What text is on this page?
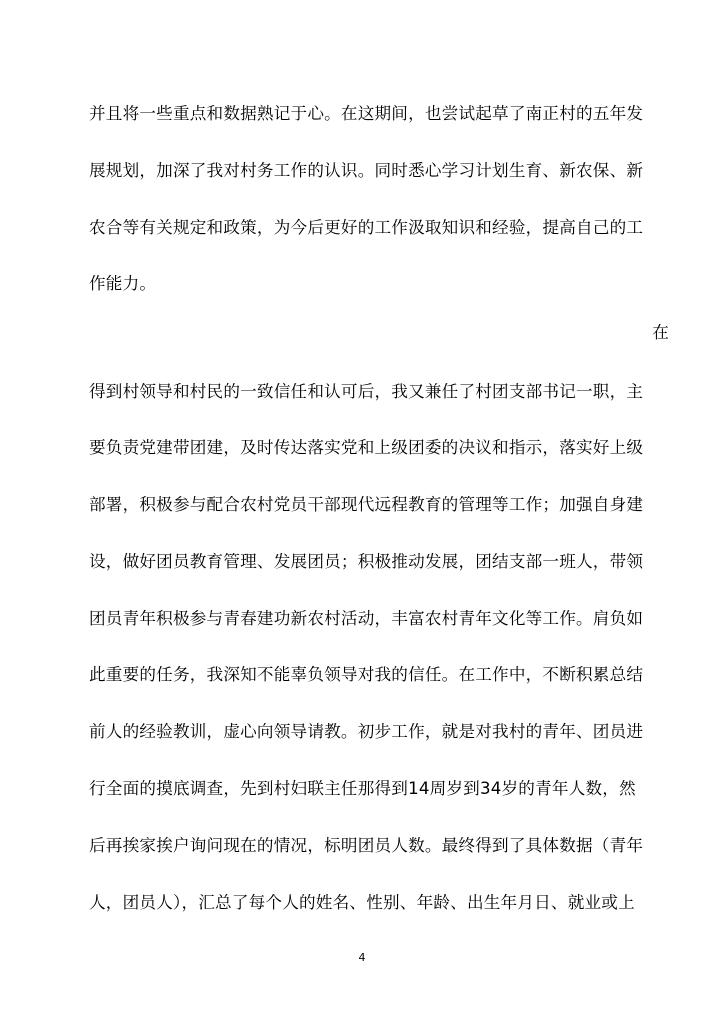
并且将一些重点和数据熟记于心。在这期间，也尝试起草了南正村的五年发
展规划，加深了我对村务工作的认识。同时悉心学习计划生育、新农保、新
农合等有关规定和政策，为今后更好的工作汲取知识和经验，提高自己的工
作能力。
在
得到村领导和村民的一致信任和认可后，我又兼任了村团支部书记一职，主
要负责党建带团建，及时传达落实党和上级团委的决议和指示，落实好上级
部署，积极参与配合农村党员干部现代远程教育的管理等工作；加强自身建
设，做好团员教育管理、发展团员；积极推动发展，团结支部一班人，带领
团员青年积极参与青春建功新农村活动，丰富农村青年文化等工作。肩负如
此重要的任务，我深知不能辜负领导对我的信任。在工作中，不断积累总结
前人的经验教训，虚心向领导请教。初步工作，就是对我村的青年、团员进
行全面的摸底调查，先到村妇联主任那得到14周岁到34岁的青年人数，然
后再挨家挨户询问现在的情况，标明团员人数。最终得到了具体数据（青年
人，团员人），汇总了每个人的姓名、性别、年龄、出生年月日、就业或上
4
